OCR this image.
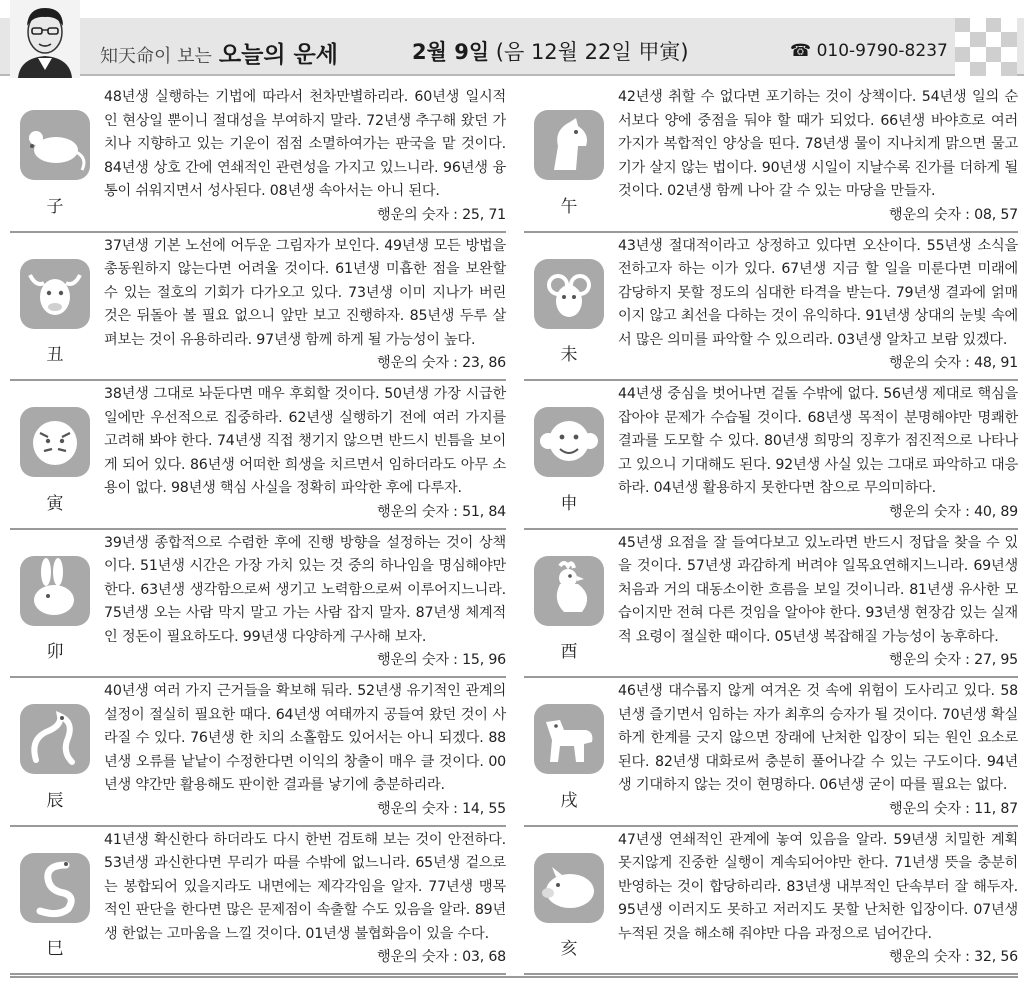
知天命이 보는 오늘의 운세	2월 9일 (음 12월 22일 甲寅)	☎ 010-9790-8237
子
48년생 실행하는 기법에 따라서 천차만별하리라. 60년생 일시적인 현상일 뿐이니 절대성을 부여하지 말라. 72년생 추구해 왔던 가치나 지향하고 있는 기운이 점점 소멸하여가는 판국을 맡 것이다. 84년생 상호 간에 연쇄적인 관련성을 가지고 있느니라. 96년생 융통이 쉬워지면서 성사된다. 08년생 속아서는 아니 된다.
행운의 숫자 : 25, 71
丑
37년생 기본 노선에 어두운 그림자가 보인다. 49년생 모든 방법을 총동원하지 않는다면 어려울 것이다. 61년생 미흡한 점을 보완할 수 있는 절호의 기회가 다가오고 있다. 73년생 이미 지나가 버린 것은 뒤돌아 볼 필요 없으니 앞만 보고 진행하자. 85년생 두루 살펴보는 것이 유용하리라. 97년생 함께 하게 될 가능성이 높다.
행운의 숫자 : 23, 86
寅
38년생 그대로 놔둔다면 매우 후회할 것이다. 50년생 가장 시급한 일에만 우선적으로 집중하라. 62년생 실행하기 전에 여러 가지를 고려해 봐야 한다. 74년생 직접 챙기지 않으면 반드시 빈틈을 보이게 되어 있다. 86년생 어떠한 희생을 치르면서 임하더라도 아무 소용이 없다. 98년생 핵심 사실을 정확히 파악한 후에 다루자.
행운의 숫자 : 51, 84
卯
39년생 종합적으로 수렴한 후에 진행 방향을 설정하는 것이 상책이다. 51년생 시간은 가장 가치 있는 것 중의 하나임을 명심해야만 한다. 63년생 생각함으로써 생기고 노력함으로써 이루어지느니라. 75년생 오는 사람 막지 말고 가는 사람 잡지 말자. 87년생 체계적인 정돈이 필요하도다. 99년생 다양하게 구사해 보자.
행운의 숫자 : 15, 96
辰
40년생 여러 가지 근거들을 확보해 둬라. 52년생 유기적인 관계의 설정이 절실히 필요한 때다. 64년생 여태까지 공들여 왔던 것이 사라질 수 있다. 76년생 한 치의 소홀함도 있어서는 아니 되겠다. 88년생 오류를 낱낱이 수정한다면 이익의 창출이 매우 클 것이다. 00년생 약간만 활용해도 판이한 결과를 낳기에 충분하리라.
행운의 숫자 : 14, 55
巳
41년생 확신한다 하더라도 다시 한번 검토해 보는 것이 안전하다. 53년생 과신한다면 무리가 따를 수밖에 없느니라. 65년생 겉으로는 봉합되어 있을지라도 내면에는 제각각임을 알자. 77년생 맹목적인 판단을 한다면 많은 문제점이 속출할 수도 있음을 알라. 89년생 한없는 고마움을 느낄 것이다. 01년생 불협화음이 있을 수다.
행운의 숫자 : 03, 68
午
42년생 취할 수 없다면 포기하는 것이 상책이다. 54년생 일의 순서보다 양에 중점을 둬야 할 때가 되었다. 66년생 바야흐로 여러 가지가 복합적인 양상을 띤다. 78년생 물이 지나치게 맑으면 물고기가 살지 않는 법이다. 90년생 시일이 지날수록 진가를 더하게 될 것이다. 02년생 함께 나아 갈 수 있는 마당을 만들자.
행운의 숫자 : 08, 57
未
43년생 절대적이라고 상정하고 있다면 오산이다. 55년생 소식을 전하고자 하는 이가 있다. 67년생 지금 할 일을 미룬다면 미래에 감당하지 못할 정도의 심대한 타격을 받는다. 79년생 결과에 얽매이지 않고 최선을 다하는 것이 유익하다. 91년생 상대의 눈빛 속에서 많은 의미를 파악할 수 있으리라. 03년생 알차고 보람 있겠다.
행운의 숫자 : 48, 91
申
44년생 중심을 벗어나면 겉돌 수밖에 없다. 56년생 제대로 핵심을 잡아야 문제가 수습될 것이다. 68년생 목적이 분명해야만 명쾌한 결과를 도모할 수 있다. 80년생 희망의 징후가 점진적으로 나타나고 있으니 기대해도 된다. 92년생 사실 있는 그대로 파악하고 대응하라. 04년생 활용하지 못한다면 참으로 무의미하다.
행운의 숫자 : 40, 89
酉
45년생 요점을 잘 들여다보고 있노라면 반드시 정답을 찾을 수 있을 것이다. 57년생 과감하게 버려야 일목요연해지느니라. 69년생 처음과 거의 대동소이한 흐름을 보일 것이니라. 81년생 유사한 모습이지만 전혀 다른 것임을 알아야 한다. 93년생 현장감 있는 실재적 요령이 절실한 때이다. 05년생 복잡해질 가능성이 농후하다.
행운의 숫자 : 27, 95
戌
46년생 대수롭지 않게 여겨온 것 속에 위험이 도사리고 있다. 58년생 즐기면서 임하는 자가 최후의 승자가 될 것이다. 70년생 확실하게 한계를 긋지 않으면 장래에 난처한 입장이 되는 원인 요소로 된다. 82년생 대화로써 충분히 풀어나갈 수 있는 구도이다. 94년생 기대하지 않는 것이 현명하다. 06년생 굳이 따를 필요는 없다.
행운의 숫자 : 11, 87
亥
47년생 연쇄적인 관계에 놓여 있음을 알라. 59년생 치밀한 계획 못지않게 진중한 실행이 계속되어야만 한다. 71년생 뜻을 충분히 반영하는 것이 합당하리라. 83년생 내부적인 단속부터 잘 해두자. 95년생 이러지도 못하고 저러지도 못할 난처한 입장이다. 07년생 누적된 것을 해소해 줘야만 다음 과정으로 넘어간다.
행운의 숫자 : 32, 56
